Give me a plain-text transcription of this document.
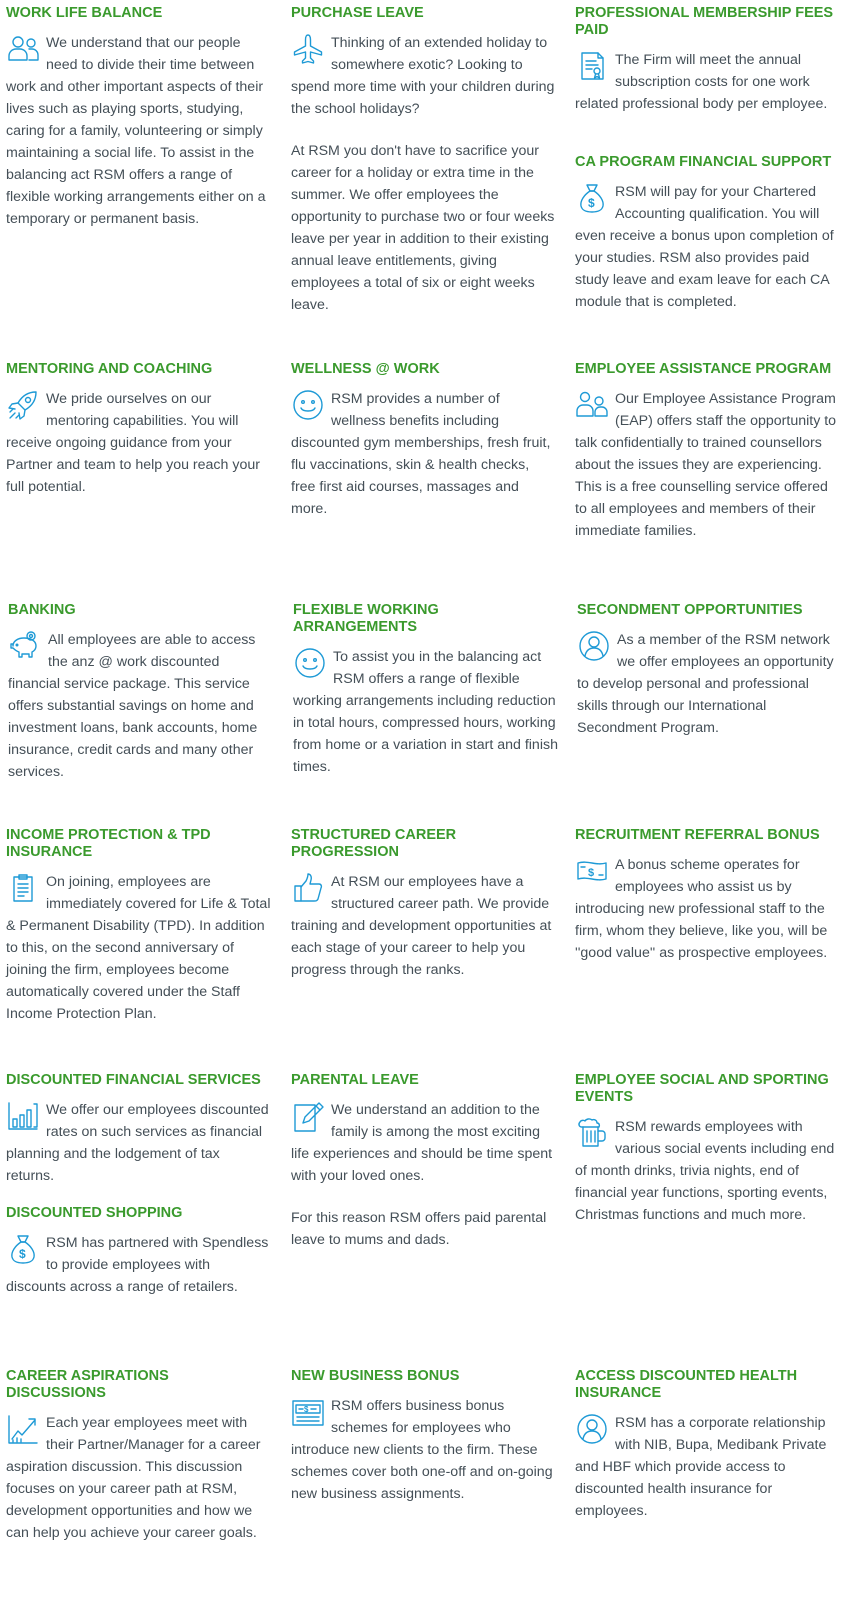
WORK LIFE BALANCE

We understand that our people need to divide their time between work and other important aspects of their lives such as playing sports, studying, caring for a family, volunteering or simply maintaining a social life. To assist in the balancing act RSM offers a range of flexible working arrangements either on a temporary or permanent basis.

PURCHASE LEAVE

Thinking of an extended holiday to somewhere exotic? Looking to spend more time with your children during the school holidays?

At RSM you don't have to sacrifice your career for a holiday or extra time in the summer. We offer employees the opportunity to purchase two or four weeks leave per year in addition to their existing annual leave entitlements, giving employees a total of six or eight weeks leave.

PROFESSIONAL MEMBERSHIP FEES PAID

The Firm will meet the annual subscription costs for one work related professional body per employee.

CA PROGRAM FINANCIAL SUPPORT
$

RSM will pay for your Chartered Accounting qualification. You will even receive a bonus upon completion of your studies. RSM also provides paid study leave and exam leave for each CA module that is completed.

MENTORING AND COACHING

We pride ourselves on our mentoring capabilities. You will receive ongoing guidance from your Partner and team to help you reach your full potential.

WELLNESS @ WORK

RSM provides a number of wellness benefits including discounted gym memberships, fresh fruit, flu vaccinations, skin & health checks, free first aid courses, massages and more.

EMPLOYEE ASSISTANCE PROGRAM

Our Employee Assistance Program (EAP) offers staff the opportunity to talk confidentially to trained counsellors about the issues they are experiencing. This is a free counselling service offered to all employees and members of their immediate families.

BANKING

All employees are able to access the anz @ work discounted financial service package. This service offers substantial savings on home and investment loans, bank accounts, home insurance, credit cards and many other services.

FLEXIBLE WORKING ARRANGEMENTS

To assist you in the balancing act RSM offers a range of flexible working arrangements including reduction in total hours, compressed hours, working from home or a variation in start and finish times.

SECONDMENT OPPORTUNITIES

As a member of the RSM network we offer employees an opportunity to develop personal and professional skills through our International Secondment Program.

INCOME PROTECTION & TPD INSURANCE

On joining, employees are immediately covered for Life & Total & Permanent Disability (TPD). In addition to this, on the second anniversary of joining the firm, employees become automatically covered under the Staff Income Protection Plan.

STRUCTURED CAREER PROGRESSION

At RSM our employees have a structured career path. We provide training and development opportunities at each stage of your career to help you progress through the ranks.

RECRUITMENT REFERRAL BONUS
$	A bonus scheme operates for employees who assist us by introducing new professional staff to the firm, whom they believe, like you, will be ''good value'' as prospective employees.

DISCOUNTED FINANCIAL SERVICES

We offer our employees discounted rates on such services as financial planning and the lodgement of tax returns.

DISCOUNTED SHOPPING
$

RSM has partnered with Spendless to provide employees with discounts across a range of retailers.

PARENTAL LEAVE

We understand an addition to the family is among the most exciting life experiences and should be time spent with your loved ones.

For this reason RSM offers paid parental leave to mums and dads.

EMPLOYEE SOCIAL AND SPORTING EVENTS

RSM rewards employees with various social events including end of month drinks, trivia nights, end of financial year functions, sporting events, Christmas functions and much more.

CAREER ASPIRATIONS DISCUSSIONS

Each year employees meet with their Partner/Manager for a career aspiration discussion. This discussion focuses on your career path at RSM, development opportunities and how we can help you achieve your career goals.

NEW BUSINESS BONUS
$	RSM offers business bonus schemes for employees who introduce new clients to the firm. These schemes cover both one-off and on-going new business assignments.

ACCESS DISCOUNTED HEALTH INSURANCE

RSM has a corporate relationship with NIB, Bupa, Medibank Private and HBF which provide access to discounted health insurance for employees.
